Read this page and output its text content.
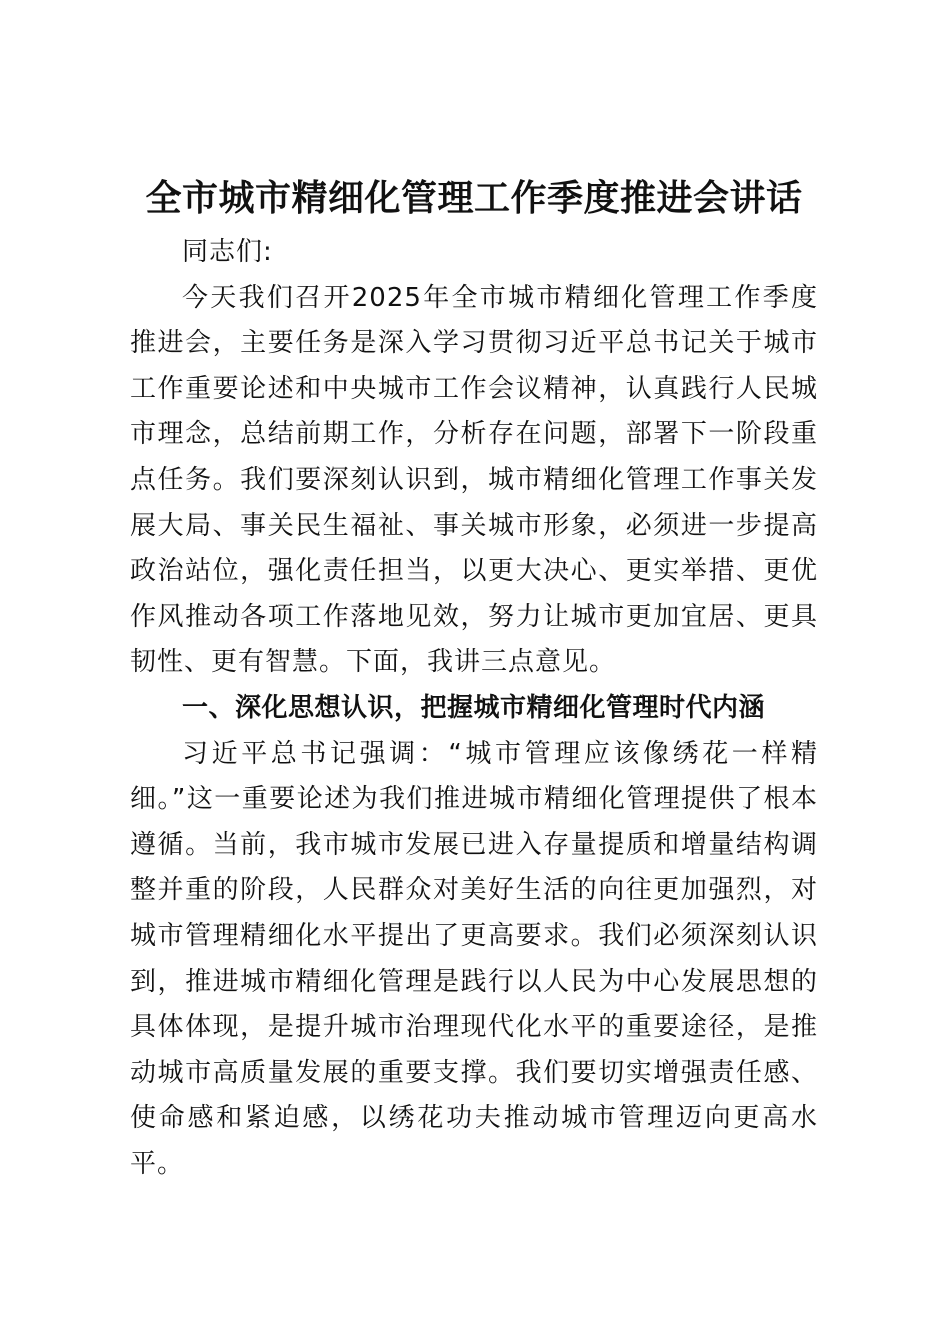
全市城市精细化管理工作季度推进会讲话

同志们:

今天我们召开2025年全市城市精细化管理工作季度推进会，主要任务是深入学习贯彻习近平总书记关于城市工作重要论述和中央城市工作会议精神，认真践行人民城市理念，总结前期工作，分析存在问题，部署下一阶段重点任务。我们要深刻认识到，城市精细化管理工作事关发展大局、事关民生福祉、事关城市形象，必须进一步提高政治站位，强化责任担当，以更大决心、更实举措、更优作风推动各项工作落地见效，努力让城市更加宜居、更具韧性、更有智慧。下面，我讲三点意见。

一、深化思想认识，把握城市精细化管理时代内涵

习近平总书记强调：“城市管理应该像绣花一样精细。”这一重要论述为我们推进城市精细化管理提供了根本遵循。当前，我市城市发展已进入存量提质和增量结构调整并重的阶段，人民群众对美好生活的向往更加强烈，对城市管理精细化水平提出了更高要求。我们必须深刻认识到，推进城市精细化管理是践行以人民为中心发展思想的具体体现，是提升城市治理现代化水平的重要途径，是推动城市高质量发展的重要支撑。我们要切实增强责任感、使命感和紧迫感，以绣花功夫推动城市管理迈向更高水平。
